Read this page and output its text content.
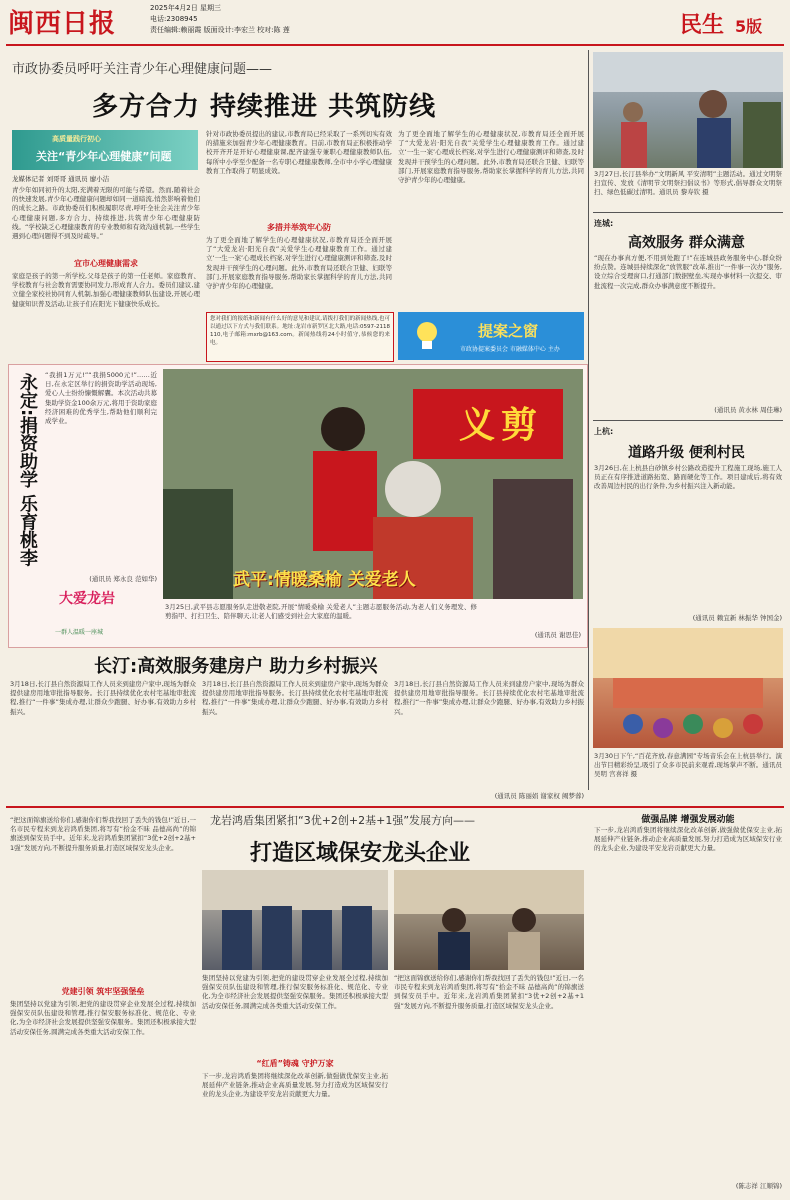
闽西日报
2025年4月2日 星期三
电话:2308945
责任编辑:赖丽霞 版面设计:李宏兰 校对:陈 莲	民生 5版
市政协委员呼吁关注青少年心理健康问题——
多方合力 持续推进 共筑防线
高质量践行初心
关注“青少年心理健康”问题
龙媒体记者 刘哥哥 通讯员 廖小洁
青少年如同初升的太阳,充满着无限的可能与希望。然而,随着社会的快速发展,青少年心理健康问题却如同一道暗流,悄然影响着他们的成长之路。市政协委员们积极履职尽责,呼吁全社会关注青少年心理健康问题,多方合力、持续推进,共筑青少年心理健康防线。“学校缺乏心理健康教育的专业教师和有效沟通机制,一些学生遇到心理问题得不到及时疏导。”
宜市心理健康需求
家庭是孩子的第一所学校,父母是孩子的第一任老师。家庭教育、学校教育与社会教育需要协同发力,形成育人合力。委员们建议,建立健全家校社协同育人机制,加强心理健康教师队伍建设,开展心理健康知识普及活动,让孩子们在阳光下健康快乐成长。
针对市政协委员提出的建议,市教育局已经采取了一系列切实有效的措施来加强青少年心理健康教育。目前,市教育局正积极推动学校开齐开足开好心理健康课,配齐建强专兼职心理健康教师队伍,每所中小学至少配备一名专职心理健康教师,全市中小学心理健康教育工作取得了明显成效。
多措并举筑牢心防
为了更全面地了解学生的心理健康状况,市教育局还全面开展了“大爱龙岩·阳光自我”关爱学生心理健康教育工作。通过建立‘一生一案’心理成长档案,对学生进行心理健康测评和筛查,及时发现并干预学生的心理问题。此外,市教育局还联合卫健、妇联等部门,开展家庭教育指导服务,帮助家长掌握科学的育儿方法,共同守护青少年的心理健康。
为了更全面地了解学生的心理健康状况,市教育局还全面开展了“大爱龙岩·阳光自我”关爱学生心理健康教育工作。通过建立‘一生一案’心理成长档案,对学生进行心理健康测评和筛查,及时发现并干预学生的心理问题。此外,市教育局还联合卫健、妇联等部门,开展家庭教育指导服务,帮助家长掌握科学的育儿方法,共同守护青少年的心理健康。
您对我们的报纸和新闻有什么好的意见和建议,请拨打我们的新闻热线,也可以通过以下方式与我们联系。地址:龙岩市新罗区北大路,电话:0597-2118110,电子邮箱:mxrb@163.com。新闻热线将24小时值守,恭候您的来电。
提案之窗
市政协提案委员会 市融媒体中心 主办
3月27日,长汀县举办“文明新风 平安清明”主题活动。通过文明祭扫宣传、发放《清明节文明祭扫倡议书》等形式,倡导群众文明祭扫、绿色低碳过清明。通讯员 黎寿钦 摄
连城:
高效服务 群众满意
“现在办事真方便,不用到处跑了!”在连城县政务服务中心,群众纷纷点赞。连城县持续深化“放管服”改革,推出“一件事一次办”服务,设立综合受理窗口,打通部门数据壁垒,实现办事材料一次提交、审批流程一次完成,群众办事满意度不断提升。
(通讯员 黄水林 周佳琳)
上杭:
道路升级 便利村民
3月26日,在上杭县白砂镇乡村公路改造提升工程施工现场,施工人员正在有序推进道路拓宽、路面硬化等工作。项目建成后,将有效改善周边村民的出行条件,为乡村振兴注入新动能。
(通讯员 赖宜新 林振华 钟国金)
永定:捐资助学 乐育桃李 “我捐1万元!”“我捐5000元!”……近日,在永定区举行的捐资助学活动现场,爱心人士纷纷慷慨解囊。本次活动共募集助学资金100余万元,将用于资助家庭经济困难的优秀学生,帮助他们顺利完成学业。
(通讯员 郑永良 范如华)
大爱龙岩
一群人温暖一座城
义剪
武平:情暖桑榆 关爱老人
3月25日,武平县志愿服务队走进敬老院,开展“情暖桑榆 关爱老人”主题志愿服务活动,为老人们义务理发、修剪指甲、打扫卫生、陪伴聊天,让老人们感受到社会大家庭的温暖。
(通讯员 谢思佳)
长汀:高效服务建房户 助力乡村振兴
3月18日,长汀县自然资源局工作人员来到建房户家中,现场为群众提供建房用地审批指导服务。长汀县持续优化农村宅基地审批流程,推行“一件事”集成办理,让群众少跑腿、好办事,有效助力乡村振兴。
3月18日,长汀县自然资源局工作人员来到建房户家中,现场为群众提供建房用地审批指导服务。长汀县持续优化农村宅基地审批流程,推行“一件事”集成办理,让群众少跑腿、好办事,有效助力乡村振兴。
3月18日,长汀县自然资源局工作人员来到建房户家中,现场为群众提供建房用地审批指导服务。长汀县持续优化农村宅基地审批流程,推行“一件事”集成办理,让群众少跑腿、好办事,有效助力乡村振兴。
(通讯员 陈丽娟 谢家权 阙梦蓉)
3月30日下午,“百花齐放,春意满园”专场音乐会在上杭县举行。演出节目精彩纷呈,吸引了众多市民前来观看,现场掌声不断。通讯员 吴明 宫喜祥 摄
龙岩鸿盾集团紧扣“3优+2创+2基+1强”发展方向——
打造区域保安龙头企业
“把这面锦旗送给你们,感谢你们帮我找回了丢失的钱包!”近日,一名市民专程来到龙岩鸿盾集团,将写有“拾金不昧 品德高尚”的锦旗送到保安员手中。近年来,龙岩鸿盾集团紧扣“3优+2创+2基+1强”发展方向,不断提升服务质量,打造区域保安龙头企业。
党建引领 筑牢坚强堡垒
集团坚持以党建为引领,把党的建设贯穿企业发展全过程,持续加强保安员队伍建设和管理,推行保安服务标准化、规范化、专业化,为全市经济社会发展提供坚强安保服务。集团还积极承接大型活动安保任务,圆满完成各类重大活动安保工作。
集团坚持以党建为引领,把党的建设贯穿企业发展全过程,持续加强保安员队伍建设和管理,推行保安服务标准化、规范化、专业化,为全市经济社会发展提供坚强安保服务。集团还积极承接大型活动安保任务,圆满完成各类重大活动安保工作。
“红盾”铸魂 守护万家
下一步,龙岩鸿盾集团将继续深化改革创新,做强做优保安主业,拓展延伸产业链条,推动企业高质量发展,努力打造成为区域保安行业的龙头企业,为建设平安龙岩贡献更大力量。
“把这面锦旗送给你们,感谢你们帮我找回了丢失的钱包!”近日,一名市民专程来到龙岩鸿盾集团,将写有“拾金不昧 品德高尚”的锦旗送到保安员手中。近年来,龙岩鸿盾集团紧扣“3优+2创+2基+1强”发展方向,不断提升服务质量,打造区域保安龙头企业。
做强品牌 增强发展动能
下一步,龙岩鸿盾集团将继续深化改革创新,做强做优保安主业,拓展延伸产业链条,推动企业高质量发展,努力打造成为区域保安行业的龙头企业,为建设平安龙岩贡献更大力量。
(陈志祥 江顺锦)
